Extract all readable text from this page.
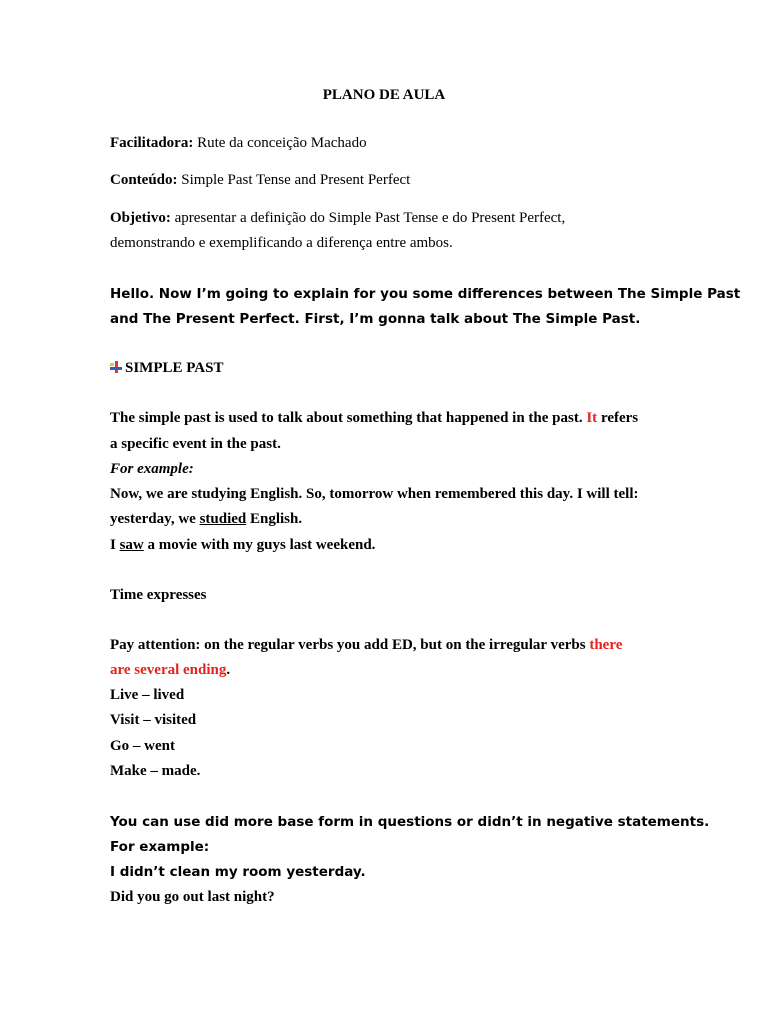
PLANO DE AULA
Facilitadora: Rute da conceição Machado
Conteúdo: Simple Past Tense and Present Perfect
Objetivo: apresentar a definição do Simple Past Tense e do Present Perfect,
demonstrando e exemplificando a diferença entre ambos.
Hello. Now I’m going to explain for you some differences between The Simple Past
and The Present Perfect. First, I’m gonna talk about The Simple Past.
SIMPLE PAST
The simple past is used to talk about something that happened in the past. It refers
a specific event in the past.
For example:
Now, we are studying English. So, tomorrow when remembered this day. I will tell:
yesterday, we studied English.
I saw a movie with my guys last weekend.
Time expresses
Pay attention: on the regular verbs you add ED, but on the irregular verbs there
are several ending.
Live – lived
Visit – visited
Go – went
Make – made.
You can use did more base form in questions or didn’t in negative statements.
For example:
I didn’t clean my room yesterday.
Did you go out last night?
